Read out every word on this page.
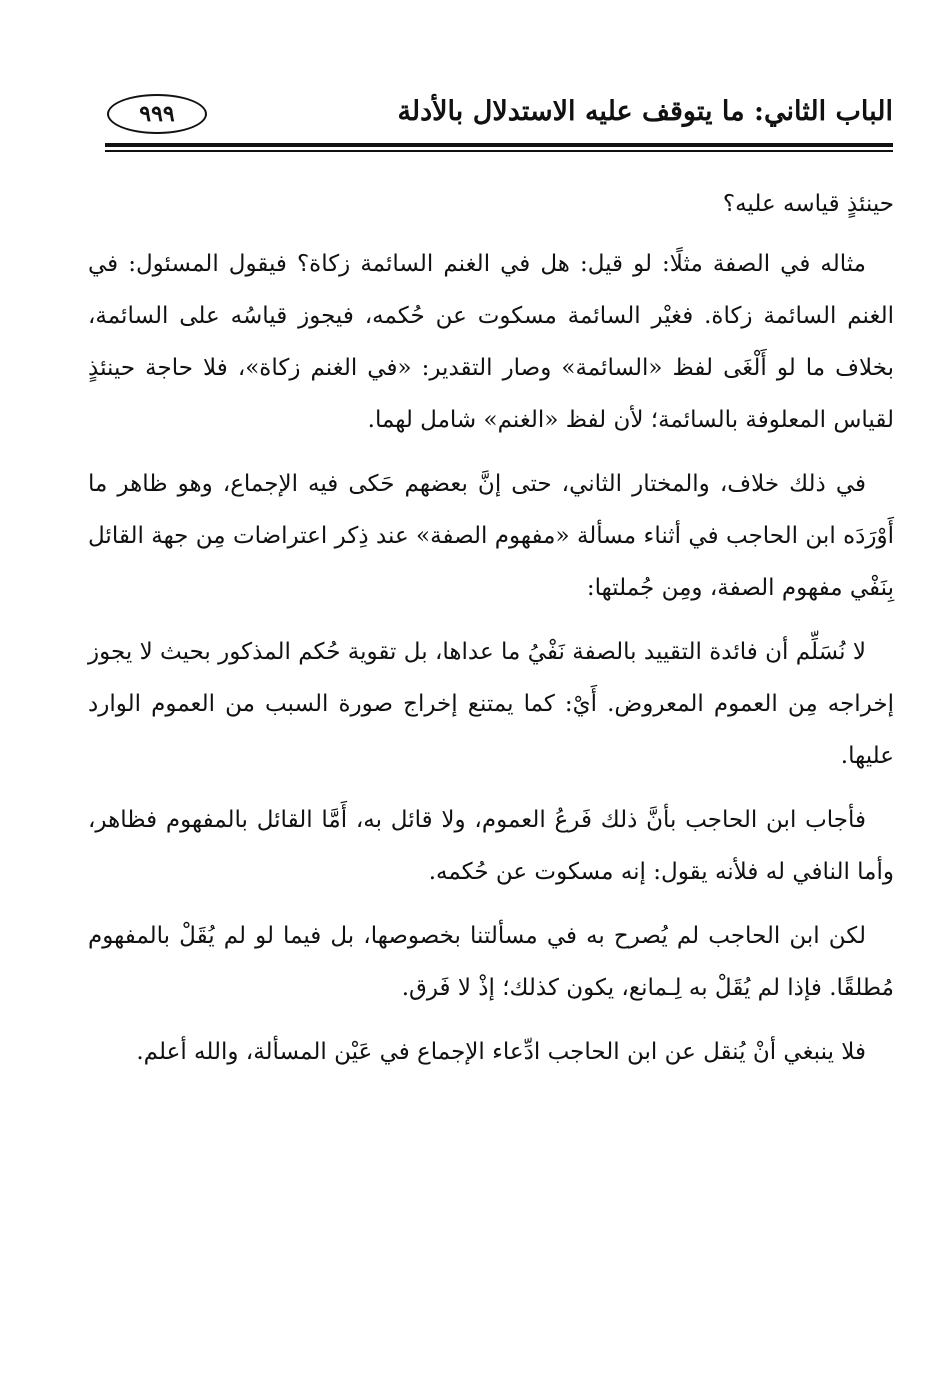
الباب الثاني: ما يتوقف عليه الاستدلال بالأدلة
٩٩٩

حينئذٍ قياسه عليه؟

مثاله في الصفة مثلًا: لو قيل: هل في الغنم السائمة زكاة؟ فيقول المسئول: في الغنم السائمة زكاة. فغيْر السائمة مسكوت عن حُكمه، فيجوز قياسُه على السائمة، بخلاف ما لو أَلْغَى لفظ «السائمة» وصار التقدير: «في الغنم زكاة»، فلا حاجة حينئذٍ لقياس المعلوفة بالسائمة؛ لأن لفظ «الغنم» شامل لهما.

في ذلك خلاف، والمختار الثاني، حتى إنَّ بعضهم حَكى فيه الإجماع، وهو ظاهر ما أَوْرَدَه ابن الحاجب في أثناء مسألة «مفهوم الصفة» عند ذِكر اعتراضات مِن جهة القائل بِنَفْي مفهوم الصفة، ومِن جُملتها:

لا نُسَلِّم أن فائدة التقييد بالصفة نَفْيُ ما عداها، بل تقوية حُكم المذكور بحيث لا يجوز إخراجه مِن العموم المعروض. أَيْ: كما يمتنع إخراج صورة السبب من العموم الوارد عليها.

فأجاب ابن الحاجب بأنَّ ذلك فَرعُ العموم، ولا قائل به، أَمَّا القائل بالمفهوم فظاهر، وأما النافي له فلأنه يقول: إنه مسكوت عن حُكمه.

لكن ابن الحاجب لم يُصرح به في مسألتنا بخصوصها، بل فيما لو لم يُقَلْ بالمفهوم مُطلقًا. فإذا لم يُقَلْ به لِـمانع، يكون كذلك؛ إذْ لا فَرق.

فلا ينبغي أنْ يُنقل عن ابن الحاجب ادِّعاء الإجماع في عَيْن المسألة، والله أعلم.
